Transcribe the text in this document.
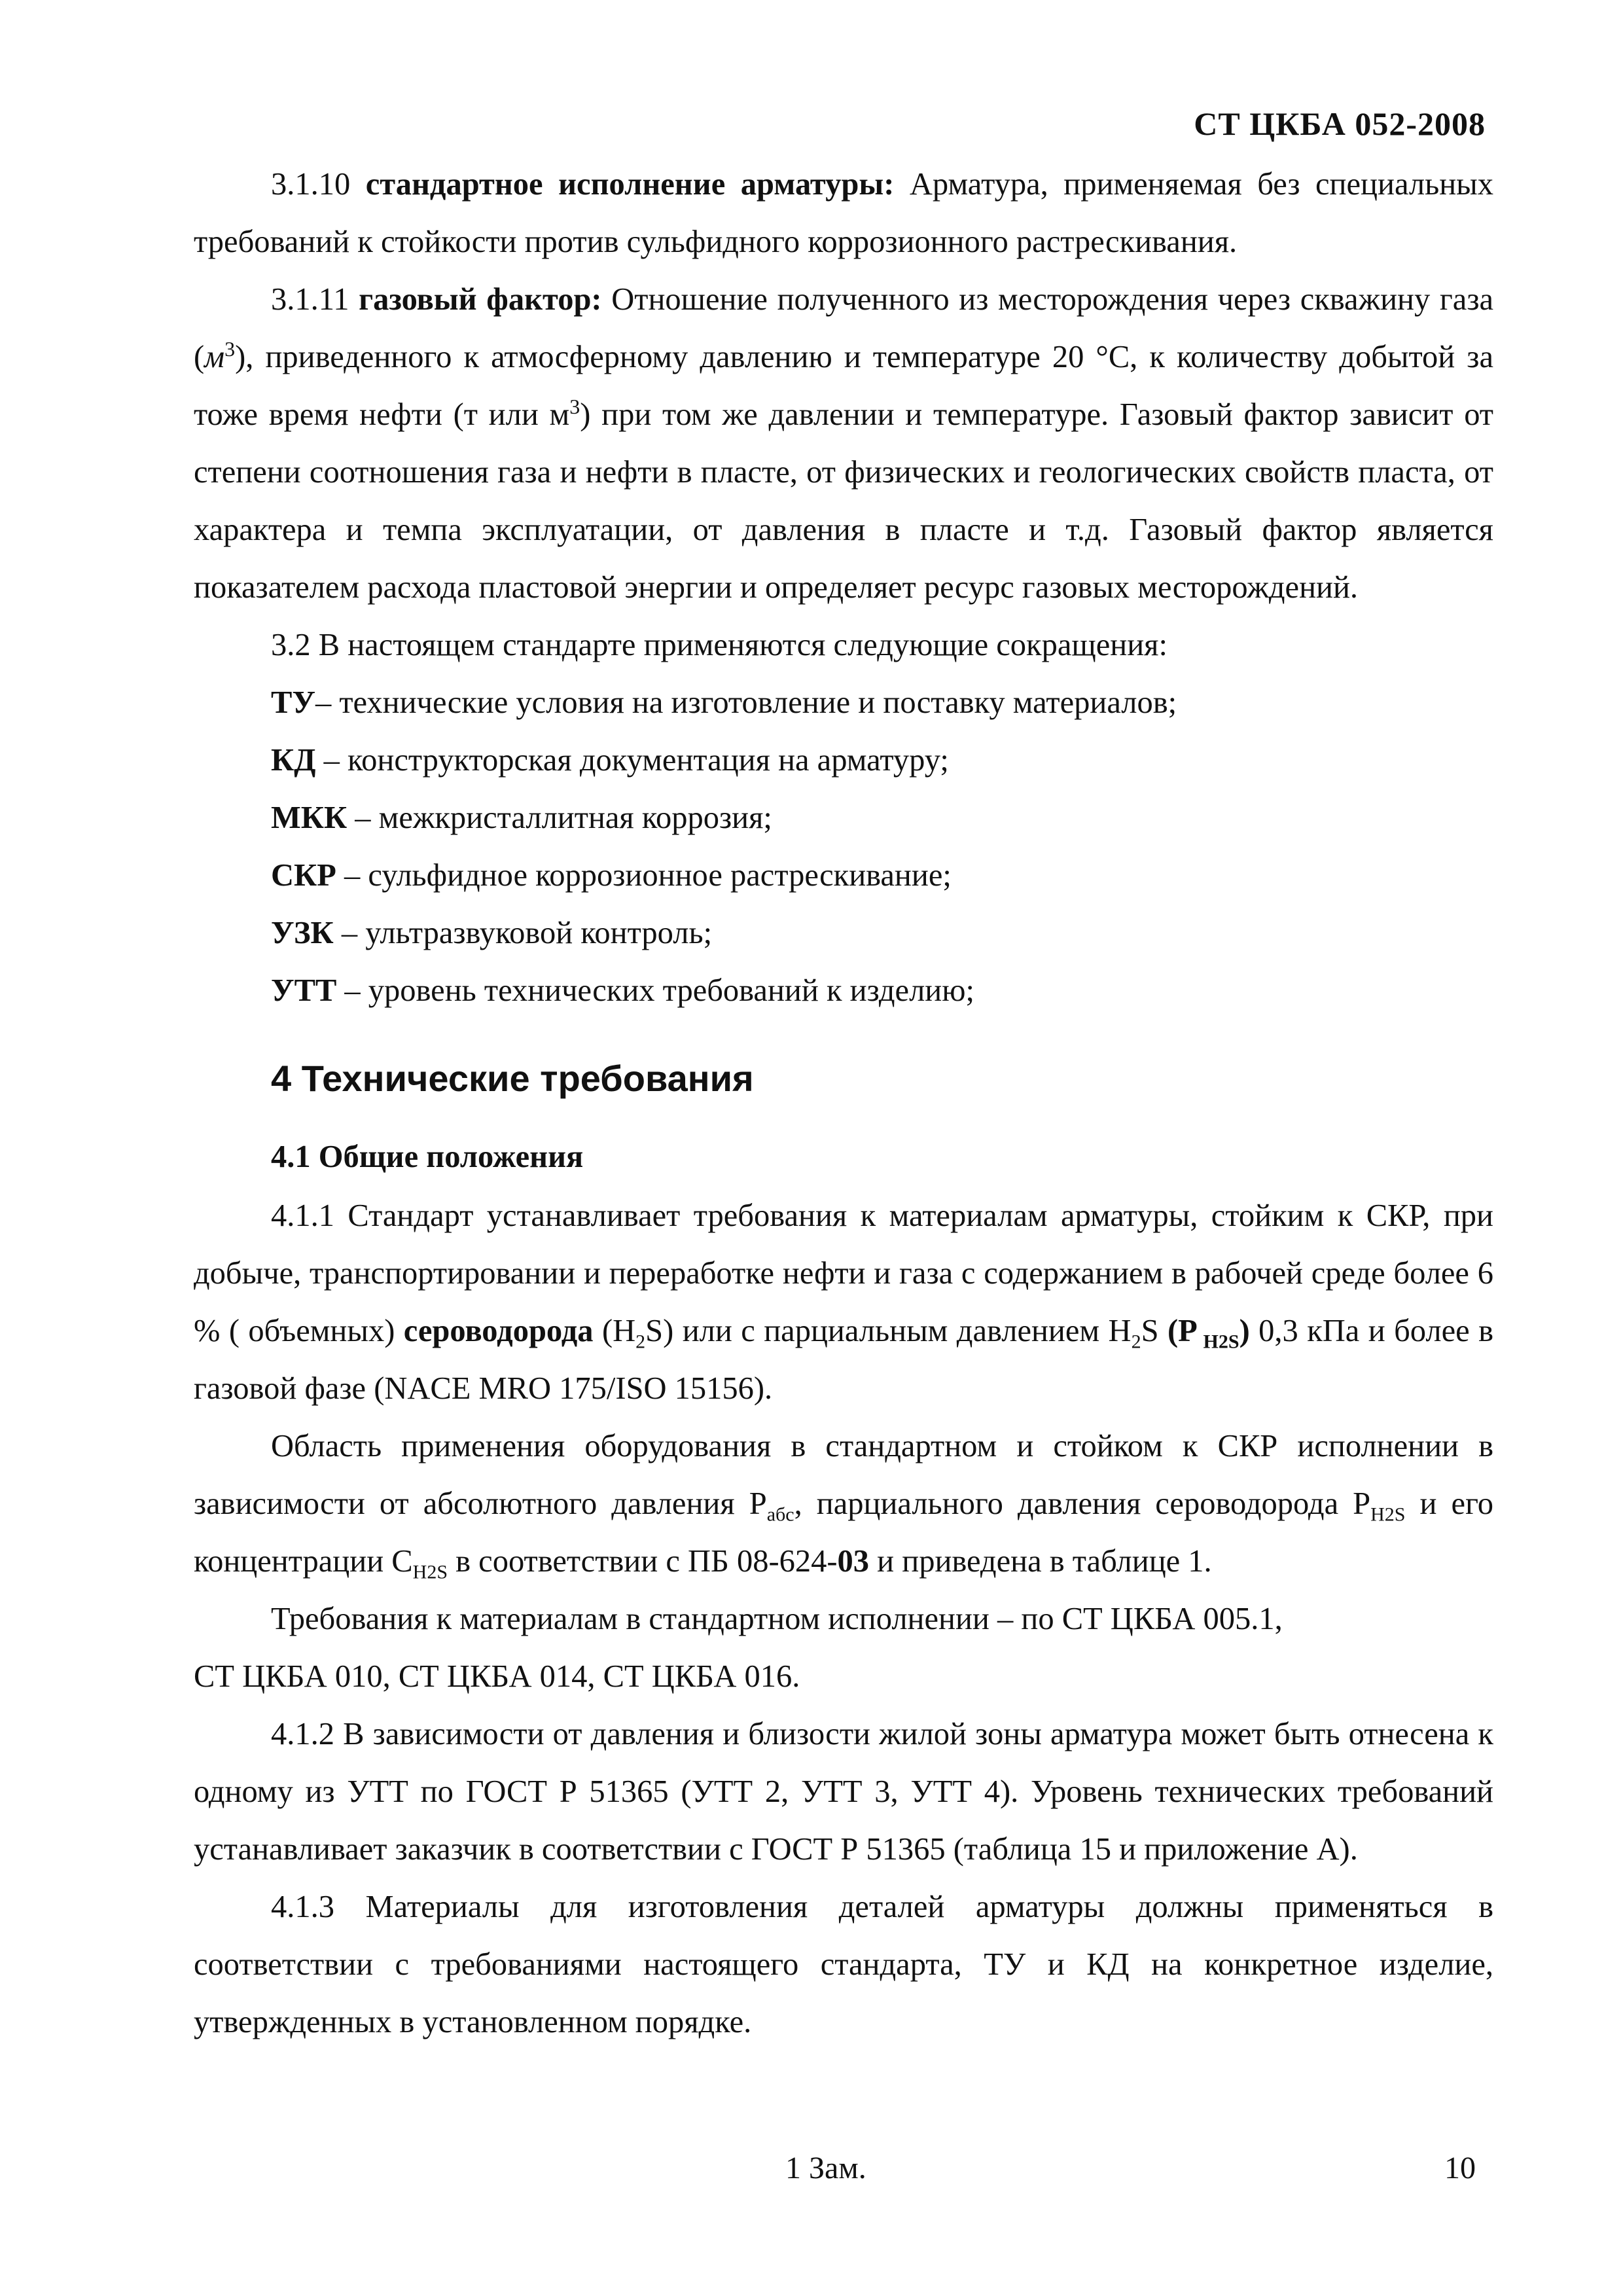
СТ ЦКБА 052-2008

3.1.10 стандартное исполнение арматуры: Арматура, применяемая без специальных требований к стойкости против сульфидного коррозионного растрескивания.

3.1.11 газовый фактор: Отношение полученного из месторождения через скважину газа $(м^3)$, приведенного к атмосферному давлению и температуре 20 °С, к количеству добытой за тоже время нефти (т или $м^3$) при том же давлении и температуре. Газовый фактор зависит от степени соотношения газа и нефти в пласте, от физических и геологических свойств пласта, от характера и темпа эксплуатации, от давления в пласте и т.д. Газовый фактор является показателем расхода пластовой энергии и определяет ресурс газовых месторождений.

3.2 В настоящем стандарте применяются следующие сокращения:

ТУ– технические условия на изготовление и поставку материалов;

КД – конструкторская документация на арматуру;

МКК – межкристаллитная коррозия;

СКР – сульфидное коррозионное растрескивание;

УЗК – ультразвуковой контроль;

УТТ – уровень технических требований к изделию;

4 Технические требования

4.1 Общие положения

4.1.1 Стандарт устанавливает требования к материалам арматуры, стойким к СКР, при добыче, транспортировании и переработке нефти и газа с содержанием в рабочей среде более 6 % ( объемных) сероводорода $(H_2S)$ или с парциальным давлением $H_2S$ (P $_{H2S}$) 0,3 кПа и более в газовой фазе (NACE MRO 175/ISO 15156).

Область применения оборудования в стандартном и стойком к СКР исполнении в зависимости от абсолютного давления $P_{абс}$, парциального давления сероводорода $P_{H2S}$ и его концентрации $C_{H2S}$ в соответствии с ПБ 08-624-03 и приведена в таблице 1.

Требования к материалам в стандартном исполнении – по СТ ЦКБА 005.1,

СТ ЦКБА 010, СТ ЦКБА 014, СТ ЦКБА 016.

4.1.2 В зависимости от давления и близости жилой зоны арматура может быть отнесена к одному из УТТ по ГОСТ Р 51365 (УТТ 2, УТТ 3, УТТ 4). Уровень технических требований устанавливает заказчик в соответствии с ГОСТ Р 51365 (таблица 15 и приложение А).

4.1.3 Материалы для изготовления деталей арматуры должны применяться в соответствии с требованиями настоящего стандарта, ТУ и КД на конкретное изделие, утвержденных в установленном порядке.

1 Зам.	10
